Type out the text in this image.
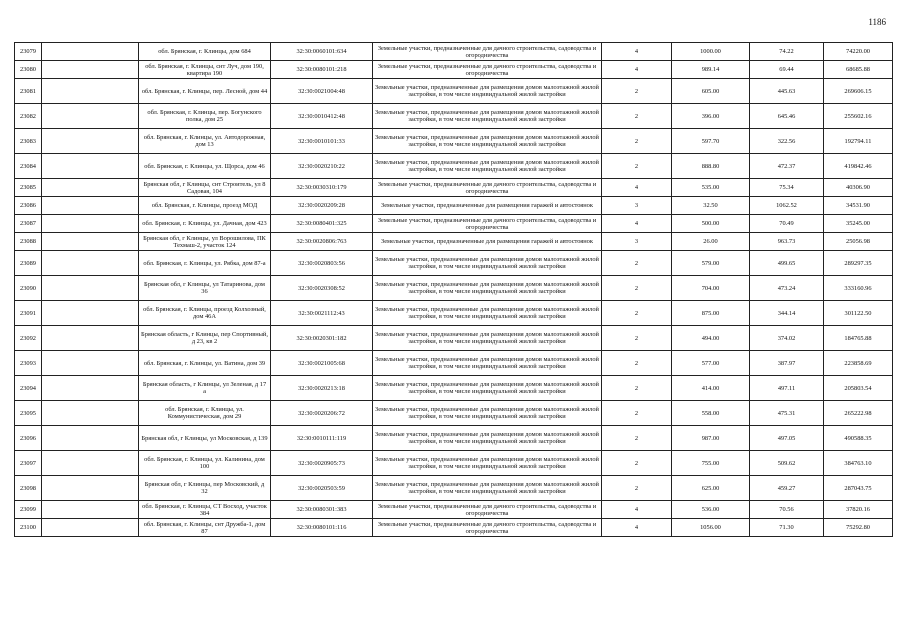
1186
23079		обл. Брянская, г. Клинцы, дом 684	32:30:0060101:634	Земельные участки, предназначенные для дачного строительства, садоводства и огородничества	4	1000.00	74.22	74220.00
23080		обл. Брянская, г. Клинцы, снт Луч, дом 190, квартира 190	32:30:0080101:218	Земельные участки, предназначенные для дачного строительства, садоводства и огородничества	4	989.14	69.44	68685.88
23081		обл. Брянская, г. Клинцы, пер. Лесной, дом 44	32:30:0021004:48	Земельные участки, предназначенные для размещения домов малоэтажной жилой застройки, в том числе индивидуальной жилой застройки	2	605.00	445.63	269606.15
23082		обл. Брянская, г. Клинцы, пер. Богунского полка, дом 25	32:30:0010412:48	Земельные участки, предназначенные для размещения домов малоэтажной жилой застройки, в том числе индивидуальной жилой застройки	2	396.00	645.46	255602.16
23083		обл. Брянская, г. Клинцы, ул. Автодорожная, дом 13	32:30:0010101:33	Земельные участки, предназначенные для размещения домов малоэтажной жилой застройки, в том числе индивидуальной жилой застройки	2	597.70	322.56	192794.11
23084		обл. Брянская, г. Клинцы, ул. Щорса, дом 46	32:30:0020210:22	Земельные участки, предназначенные для размещения домов малоэтажной жилой застройки, в том числе индивидуальной жилой застройки	2	888.80	472.37	419842.46
23085		Брянская обл, г Клинцы, снт Строитель, ул 8 Садовая, 104	32:30:0030310:179	Земельные участки, предназначенные для дачного строительства, садоводства и огородничества	4	535.00	75.34	40306.90
23086		обл. Брянская, г. Клинцы, проезд МОД	32:30:0020209:28	Земельные участки, предназначенные для размещения гаражей и автостоянок	3	32.50	1062.52	34531.90
23087		обл. Брянская, г. Клинцы, ул. Дачная, дом 423	32:30:0080401:325	Земельные участки, предназначенные для дачного строительства, садоводства и огородничества	4	500.00	70.49	35245.00
23088		Брянская обл, г Клинцы, ул Ворошилова, ПК Техмаш-2, участок 124	32:30:0020806:763	Земельные участки, предназначенные для размещения гаражей и автостоянок	3	26.00	963.73	25056.98
23089		обл. Брянская, г. Клинцы, ул. Рябка, дом 87-а	32:30:0020803:56	Земельные участки, предназначенные для размещения домов малоэтажной жилой застройки, в том числе индивидуальной жилой застройки	2	579.00	499.65	289297.35
23090		Брянская обл, г Клинцы, ул Татаринова, дом 36	32:30:0020308:52	Земельные участки, предназначенные для размещения домов малоэтажной жилой застройки, в том числе индивидуальной жилой застройки	2	704.00	473.24	333160.96
23091		обл. Брянская, г. Клинцы, проезд Колхозный, дом 46А	32:30:0021112:43	Земельные участки, предназначенные для размещения домов малоэтажной жилой застройки, в том числе индивидуальной жилой застройки	2	875.00	344.14	301122.50
23092		Брянская область, г Клинцы, пер Спортивный, д 23, кв 2	32:30:0020301:182	Земельные участки, предназначенные для размещения домов малоэтажной жилой застройки, в том числе индивидуальной жилой застройки	2	494.00	374.02	184765.88
23093		обл. Брянская, г. Клинцы, ул. Ватина, дом 39	32:30:0021005:68	Земельные участки, предназначенные для размещения домов малоэтажной жилой застройки, в том числе индивидуальной жилой застройки	2	577.00	387.97	223858.69
23094		Брянская область, г Клинцы, ул Зеленая, д 17 а	32:30:0020213:18	Земельные участки, предназначенные для размещения домов малоэтажной жилой застройки, в том числе индивидуальной жилой застройки	2	414.00	497.11	205803.54
23095		обл. Брянская, г. Клинцы, ул. Коммунистическая, дом 29	32:30:0020206:72	Земельные участки, предназначенные для размещения домов малоэтажной жилой застройки, в том числе индивидуальной жилой застройки	2	558.00	475.31	265222.98
23096		Брянская обл, г Клинцы, ул Московская, д 139	32:30:0010111:119	Земельные участки, предназначенные для размещения домов малоэтажной жилой застройки, в том числе индивидуальной жилой застройки	2	987.00	497.05	490588.35
23097		обл. Брянская, г. Клинцы, ул. Калинина, дом 100	32:30:0020905:73	Земельные участки, предназначенные для размещения домов малоэтажной жилой застройки, в том числе индивидуальной жилой застройки	2	755.00	509.62	384763.10
23098		Брянская обл, г Клинцы, пер Московский, д 32	32:30:0020503:59	Земельные участки, предназначенные для размещения домов малоэтажной жилой застройки, в том числе индивидуальной жилой застройки	2	625.00	459.27	287043.75
23099		обл. Брянская, г. Клинцы, СТ Восход, участок 384	32:30:0080301:383	Земельные участки, предназначенные для дачного строительства, садоводства и огородничества	4	536.00	70.56	37820.16
23100		обл. Брянская, г. Клинцы, снт Дружба-1, дом 87	32:30:0080101:116	Земельные участки, предназначенные для дачного строительства, садоводства и огородничества	4	1056.00	71.30	75292.80
